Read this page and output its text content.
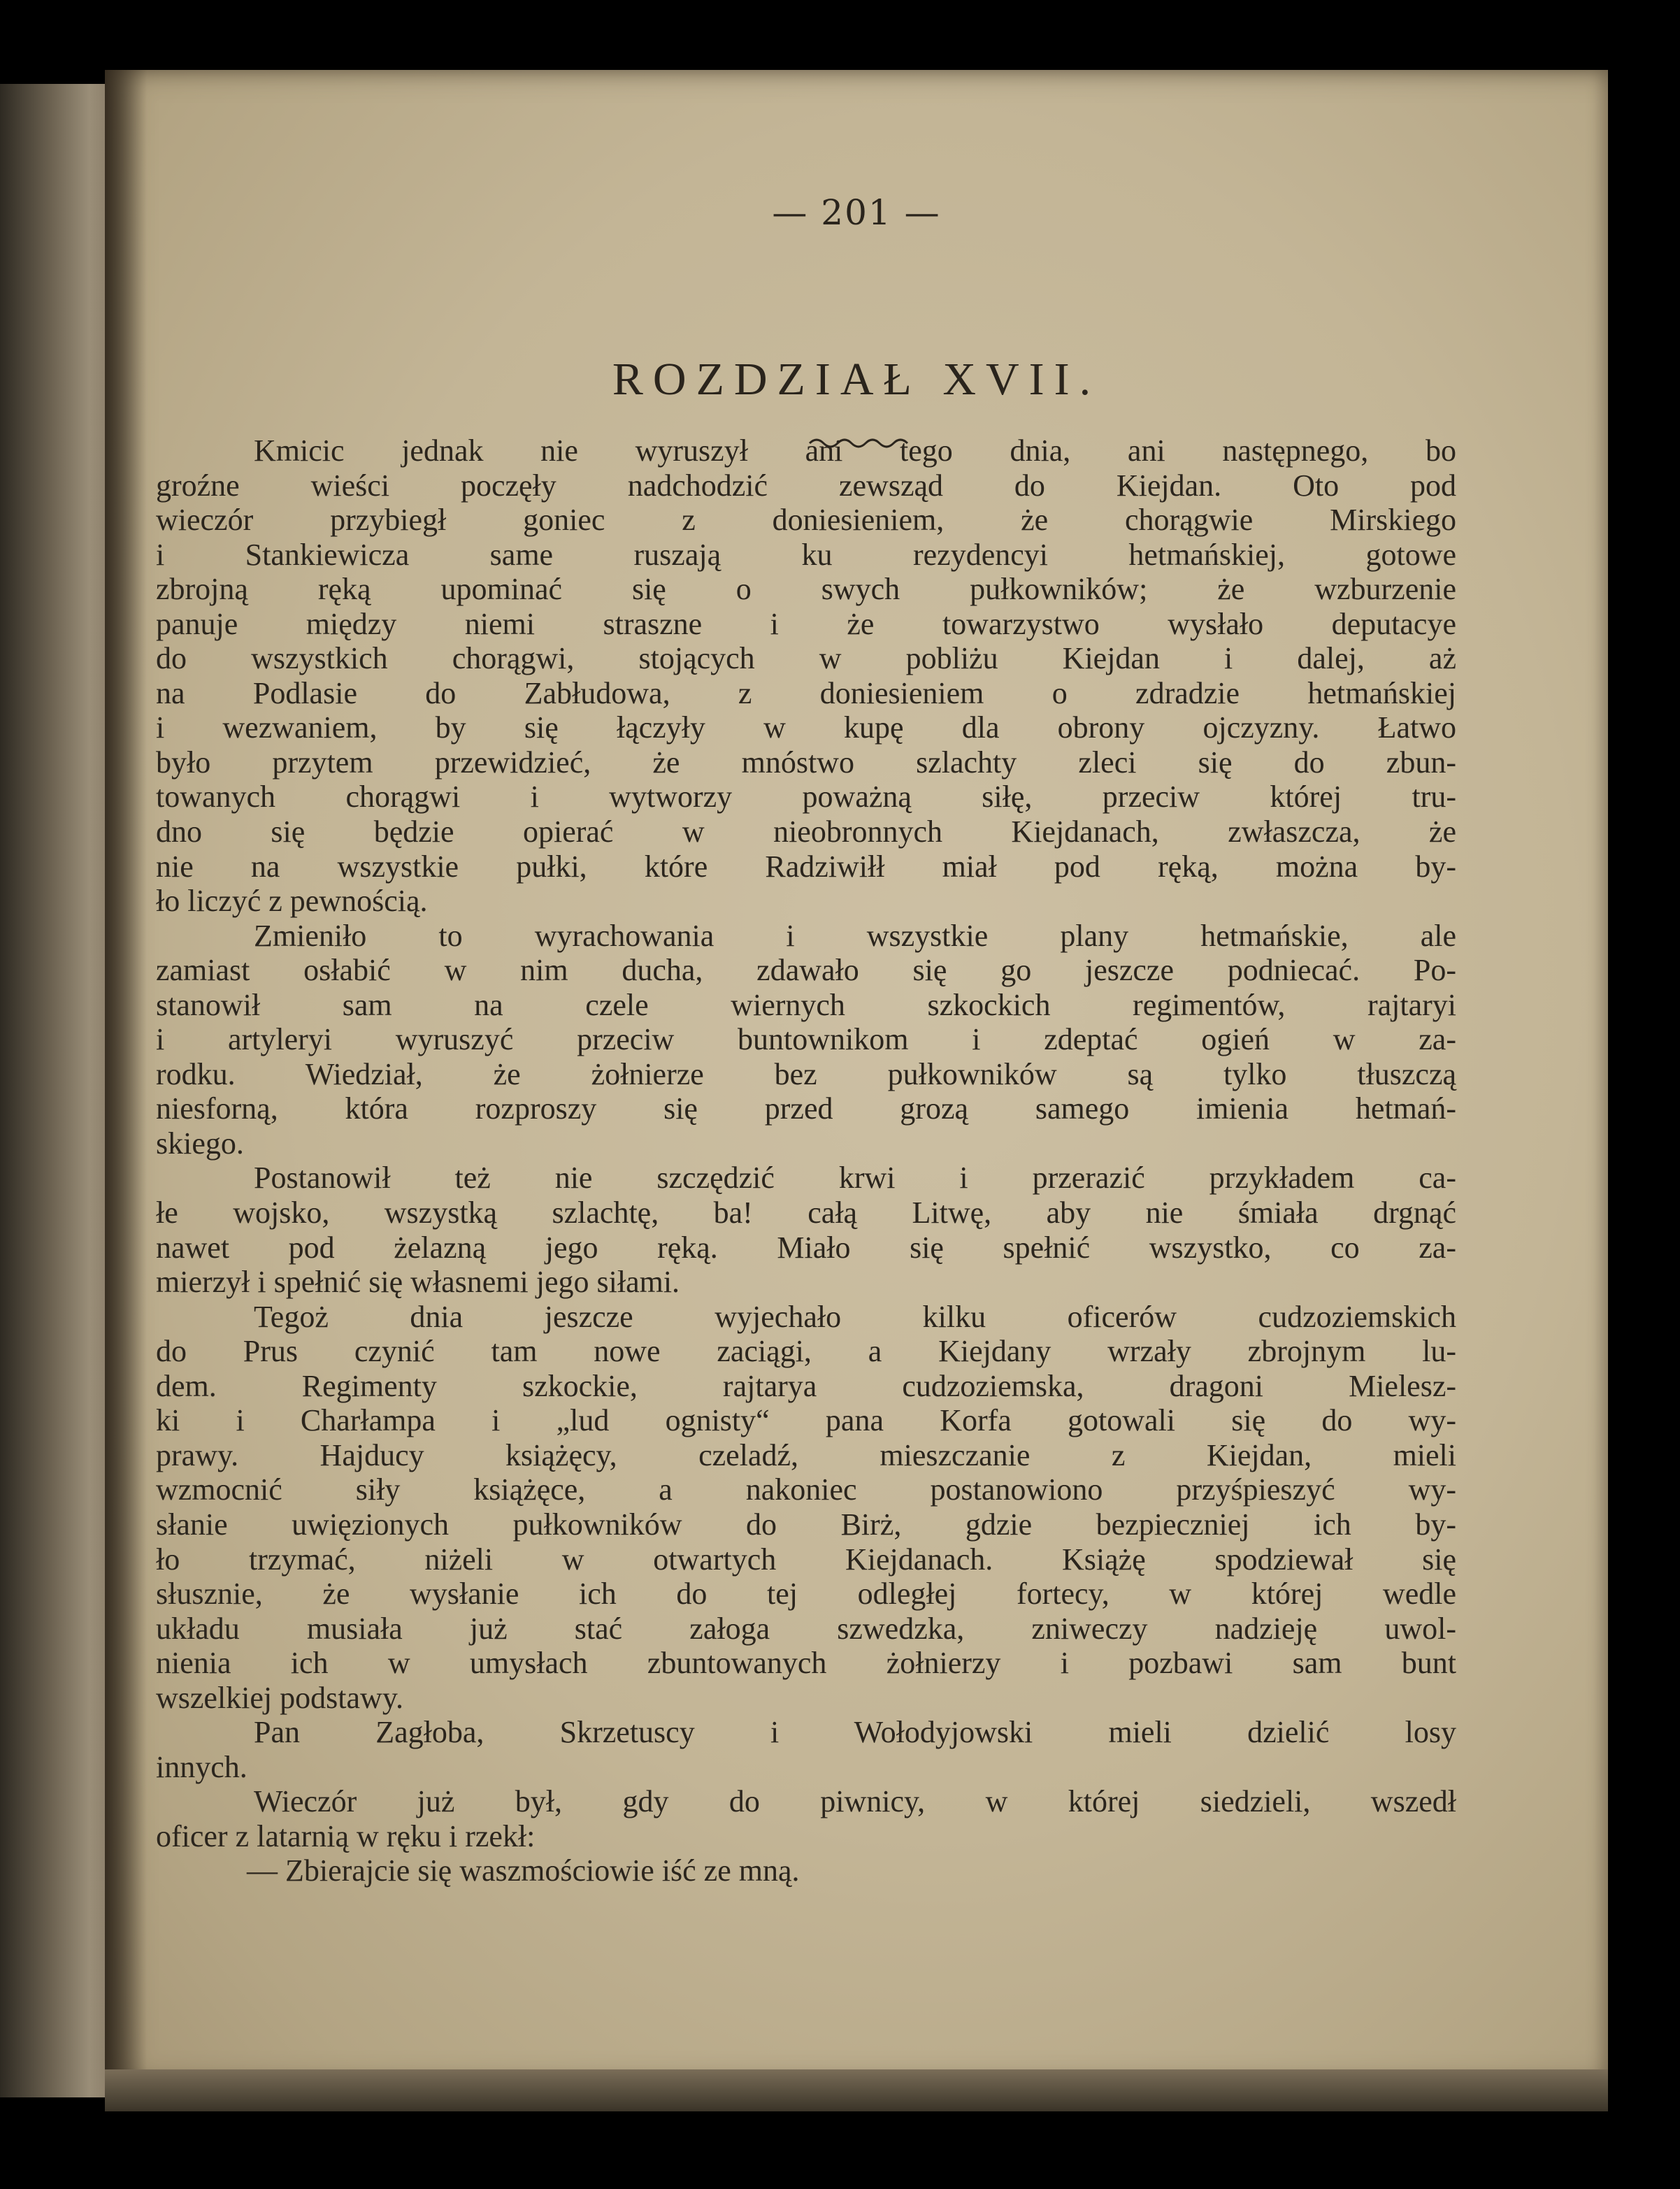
— 201 —
ROZDZIAŁ XVII.
Kmicic jednak nie wyruszył ani tego dnia, ani następnego, bo
groźne wieści poczęły nadchodzić zewsząd do Kiejdan. Oto pod
wieczór przybiegł goniec z doniesieniem, że chorągwie Mirskiego
i Stankiewicza same ruszają ku rezydencyi hetmańskiej, gotowe
zbrojną ręką upominać się o swych pułkowników; że wzburzenie
panuje między niemi straszne i że towarzystwo wysłało deputacye
do wszystkich chorągwi, stojących w pobliżu Kiejdan i dalej, aż
na Podlasie do Zabłudowa, z doniesieniem o zdradzie hetmańskiej
i wezwaniem, by się łączyły w kupę dla obrony ojczyzny. Łatwo
było przytem przewidzieć, że mnóstwo szlachty zleci się do zbun-
towanych chorągwi i wytworzy poważną siłę, przeciw której tru-
dno się będzie opierać w nieobronnych Kiejdanach, zwłaszcza, że
nie na wszystkie pułki, które Radziwiłł miał pod ręką, można by-
ło liczyć z pewnością.
Zmieniło to wyrachowania i wszystkie plany hetmańskie, ale
zamiast osłabić w nim ducha, zdawało się go jeszcze podniecać. Po-
stanowił sam na czele wiernych szkockich regimentów, rajtaryi
i artyleryi wyruszyć przeciw buntownikom i zdeptać ogień w za-
rodku. Wiedział, że żołnierze bez pułkowników są tylko tłuszczą
niesforną, która rozproszy się przed grozą samego imienia hetmań-
skiego.
Postanowił też nie szczędzić krwi i przerazić przykładem ca-
łe wojsko, wszystką szlachtę, ba! całą Litwę, aby nie śmiała drgnąć
nawet pod żelazną jego ręką. Miało się spełnić wszystko, co za-
mierzył i spełnić się własnemi jego siłami.
Tegoż dnia jeszcze wyjechało kilku oficerów cudzoziemskich
do Prus czynić tam nowe zaciągi, a Kiejdany wrzały zbrojnym lu-
dem. Regimenty szkockie, rajtarya cudzoziemska, dragoni Mielesz-
ki i Charłampa i „lud ognisty“ pana Korfa gotowali się do wy-
prawy. Hajducy książęcy, czeladź, mieszczanie z Kiejdan, mieli
wzmocnić siły książęce, a nakoniec postanowiono przyśpieszyć wy-
słanie uwięzionych pułkowników do Birż, gdzie bezpieczniej ich by-
ło trzymać, niżeli w otwartych Kiejdanach. Książę spodziewał się
słusznie, że wysłanie ich do tej odległej fortecy, w której wedle
układu musiała już stać załoga szwedzka, zniweczy nadzieję uwol-
nienia ich w umysłach zbuntowanych żołnierzy i pozbawi sam bunt
wszelkiej podstawy.
Pan Zagłoba, Skrzetuscy i Wołodyjowski mieli dzielić losy
innych.
Wieczór już był, gdy do piwnicy, w której siedzieli, wszedł
oficer z latarnią w ręku i rzekł:
— Zbierajcie się waszmościowie iść ze mną.
